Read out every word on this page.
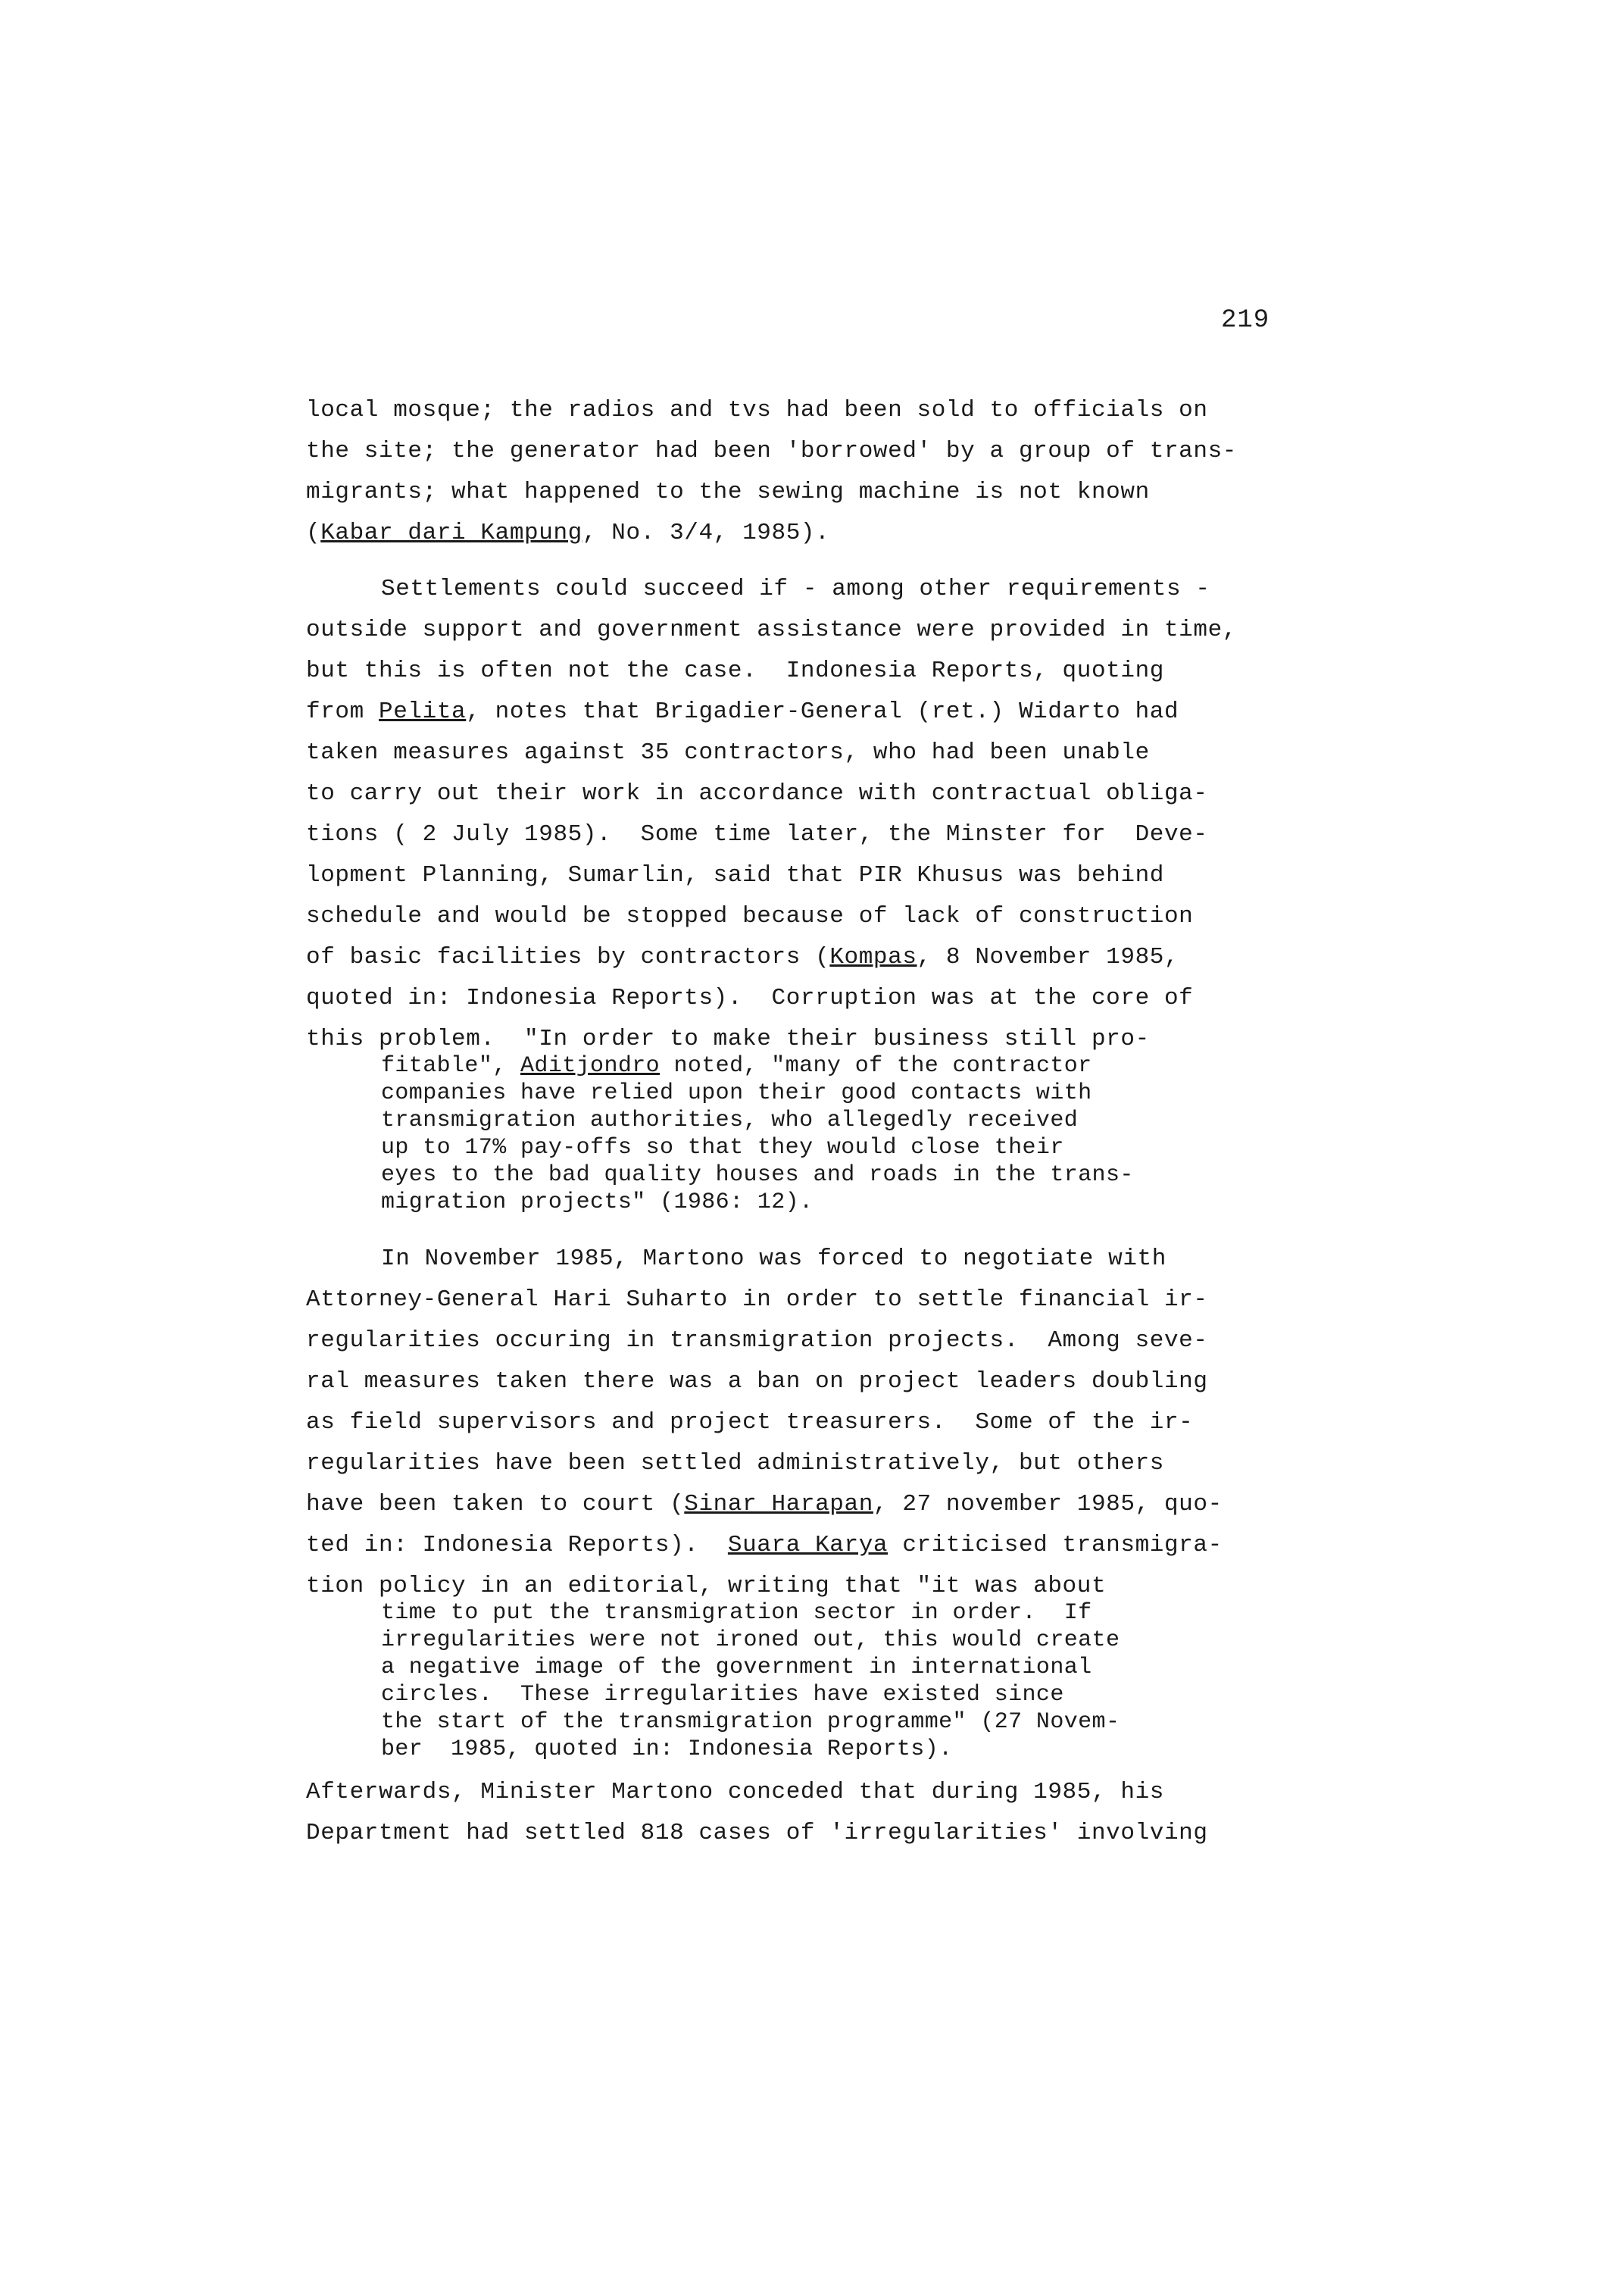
219
local mosque; the radios and tvs had been sold to officials on
the site; the generator had been 'borrowed' by a group of trans-
migrants; what happened to the sewing machine is not known
(Kabar dari Kampung, No. 3/4, 1985).
Settlements could succeed if - among other requirements -
outside support and government assistance were provided in time,
but this is often not the case.  Indonesia Reports, quoting
from Pelita, notes that Brigadier-General (ret.) Widarto had
taken measures against 35 contractors, who had been unable
to carry out their work in accordance with contractual obliga-
tions ( 2 July 1985).  Some time later, the Minster for  Deve-
lopment Planning, Sumarlin, said that PIR Khusus was behind
schedule and would be stopped because of lack of construction
of basic facilities by contractors (Kompas, 8 November 1985,
quoted in: Indonesia Reports).  Corruption was at the core of
this problem.  "In order to make their business still pro-
fitable", Aditjondro noted, "many of the contractor
companies have relied upon their good contacts with
transmigration authorities, who allegedly received
up to 17% pay-offs so that they would close their
eyes to the bad quality houses and roads in the trans-
migration projects" (1986: 12).
In November 1985, Martono was forced to negotiate with
Attorney-General Hari Suharto in order to settle financial ir-
regularities occuring in transmigration projects.  Among seve-
ral measures taken there was a ban on project leaders doubling
as field supervisors and project treasurers.  Some of the ir-
regularities have been settled administratively, but others
have been taken to court (Sinar Harapan, 27 november 1985, quo-
ted in: Indonesia Reports).  Suara Karya criticised transmigra-
tion policy in an editorial, writing that "it was about
time to put the transmigration sector in order.  If
irregularities were not ironed out, this would create
a negative image of the government in international
circles.  These irregularities have existed since
the start of the transmigration programme" (27 Novem-
ber  1985, quoted in: Indonesia Reports).
Afterwards, Minister Martono conceded that during 1985, his
Department had settled 818 cases of 'irregularities' involving
